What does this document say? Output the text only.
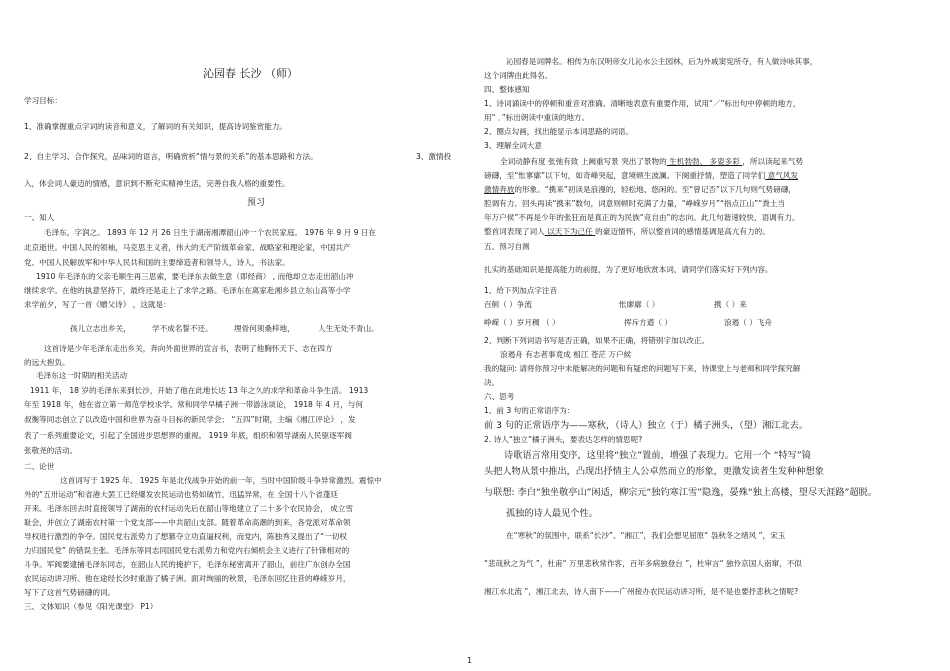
沁园春 长沙 （师）
学习目标：
1、准确掌握重点字词的读音和意义，了解词的有关知识，提高诗词鉴赏能力。
2、自主学习、合作探究，品味词的语言，明确赏析“情与景的关系”的基本思路和方法。	3、激情投
入，体会词人豪迈的情感，意识到不断充实精神生活，完善自我人格的重要性。
预习
一、知人
毛泽东，字润之。 1893 年 12 月 26 日生于湖南湘潭韶山冲一个农民家庭。 1976 年 9 月 9 日在
北京逝世。中国人民的领袖，马克思主义者，伟大的无产阶级革命家、战略家和理论家，中国共产
党、中国人民解放军和中华人民共和国的主要缔造者和领导人，诗人，书法家。
1910 年毛泽东的父亲毛顺生再三思索，要毛泽东去做生意（即经商） , 而他却立志走出韶山冲
继续求学。在他的执意坚持下，最终还是走上了求学之路。毛泽东在离家赴湘乡县立东山高等小学
求学前夕，写了一首《赠父诗》 ，这就是：
孩儿立志出乡关，	学不成名誓不还。	埋骨何须桑梓地，	人生无处不青山。
这首诗是少年毛泽东走出乡关，奔向外面世界的宣言书，表明了他胸怀天下、志在四方
的远大抱负。
毛泽东这一时期的相关活动
1911 年， 18 岁的毛泽东来到长沙，开始了他在此地长达 13 年之久的求学和革命斗争生活。 1913
年至 1918 年，他在省立第一师范学校求学。常和同学早橘子洲一带游泳谈论， 1918 年 4 月，与何
叔衡等同志创立了以改造中国和世界为奋斗目标的新民学会； “五四”时期，主编《湘江评论》 ，发
表了一系列重要论文，引起了全国进步思想界的重视。 1919 年底，组织和领导湖南人民驱逐军阀
张敬尧的活动。
二、论世
这首词写于 1925 年。 1925 年是北伐战争开始的前一年，当时中国阶级斗争异常激烈。震惊中
外的“五卅运动”和省港大罢工已经爆发农民运动也势如破竹，迅猛异常，在 全国十八个省蓬廷
开来。毛泽东回去时直接领导了湖南的农村运动先后在韶山等地建立了二十多个农民协会， 成立雪
耻会，并创立了湖南农村第一个党支部——中共韶山支部。随着革命高潮的到来，各党派对革命领
导权进行激烈的争夺。国民党右派势力了想篡夺立功直逼权利，而党内，陈独秀又提出了“一切权
力归国民党” 的错误主张。毛泽东等同志同国民党右派势力和党内右倾机会主义进行了针锋相对的
斗争。军阀要逮捕毛泽东同志，在韶山人民的掩护下，毛泽东秘密离开了韶山，前往广东创办全国
农民运动讲习所。他在途经长沙时重游了橘子洲。面对绚丽的秋景，毛泽东回忆往昔的峥嵘岁月，
写下了这首气势磅礴的词。
三、文体知识（参见《阳光课堂》 P1）
沁园春是词牌名。相传为东汉明帝女儿沁水公主园林，后为外戚窦宪所夺，有人做诗咏其事，
这个词牌由此得名。
四、整体感知
1、诗词诵读中的停顿和重音对准确、清晰地表意有重要作用，试用“／”标出句中停顿的地方，
用“ ．”标出朗读中重读的地方。
2、圈点勾画，找出能显示本词思路的词语。
3、理解全词大意
全词动静有度 张弛有致 上阙重写景 突出了景物的 生机勃勃、 多姿多彩 ，所以读起来气势
磅礴，至“怅寥廓”以下句，如奇峰突起，意境顿生波澜。下阕重抒情，塑造了同学们 意气风发
激情奔放的形象。“携来”初读是浪漫的，轻松地、悠闲的。至“曾记否”以下几句则气势磅礴，
腔调有力。回头再读“携来”数句，词意则顿时充满了力量，“峥嵘岁月”“指点江山”“粪土当
年万户侯”不再是少年的张狂而是真正的为民族“竞自由”的志向。此几句谐速较快，语调有力。
整首词表现了词人 以天下为己任 的豪迈情怀，所以整首词的感情基调是高亢有力的。
五、预习自测
扎实的基础知识是提高能力的前提，为了更好地欣赏本词，请同学们落实好下列内容。
1、给下列加点字注音
百舸（ ）争流	怅廖廓（ ）	携（ ）来
峥嵘（ ）岁月稠 （ ）	挥斥方遒（ ）	浪遏（ ）飞舟
2、判断下列词语书写是否正确，如果不正确，将错别字加以改正。
浪遏舟 有志者事竟成 相江 苍茫 万户候
我的疑问: 请将你预习中未能解决的问题和有疑虑的问题写下来，待课堂上与老师和同学探究解
决。
六、思考
1、前 3 句的正常语序为：
前 3 句的正常语序为——寒秋，（诗人）独立（于）橘子洲头，（望）湘江北去。
2. 诗人“独立”橘子洲头，要表达怎样的情思呢?
诗歌语言常用变序，这里将“独立”置前，增强了表现力。它用一个 “特写”镜
头把人物从景中推出，凸现出抒情主人公卓然而立的形象，更激发读者生发种种想象
与联想: 李白“独坐敬亭山”闲适，柳宗元“独钓寒江雪”隐逸，晏殊“独上高楼，望尽天涯路”超脱。
孤独的诗人最见个性。
在“寒秋”的氛围中，联系“长沙”、“湘江”，我们会想见屈原“ 袅秋冬之绪风 ”，宋玉
“悲哉秋之为气 ”，杜甫“ 万里悲秋常作客，百年多病独登台 ”，杜审言“ 独怜京国人南窜，不似
湘江水北流 ”，湘江北去，诗人南下——广州接办农民运动讲习所，是不是也要抒悲秋之情呢?
1
